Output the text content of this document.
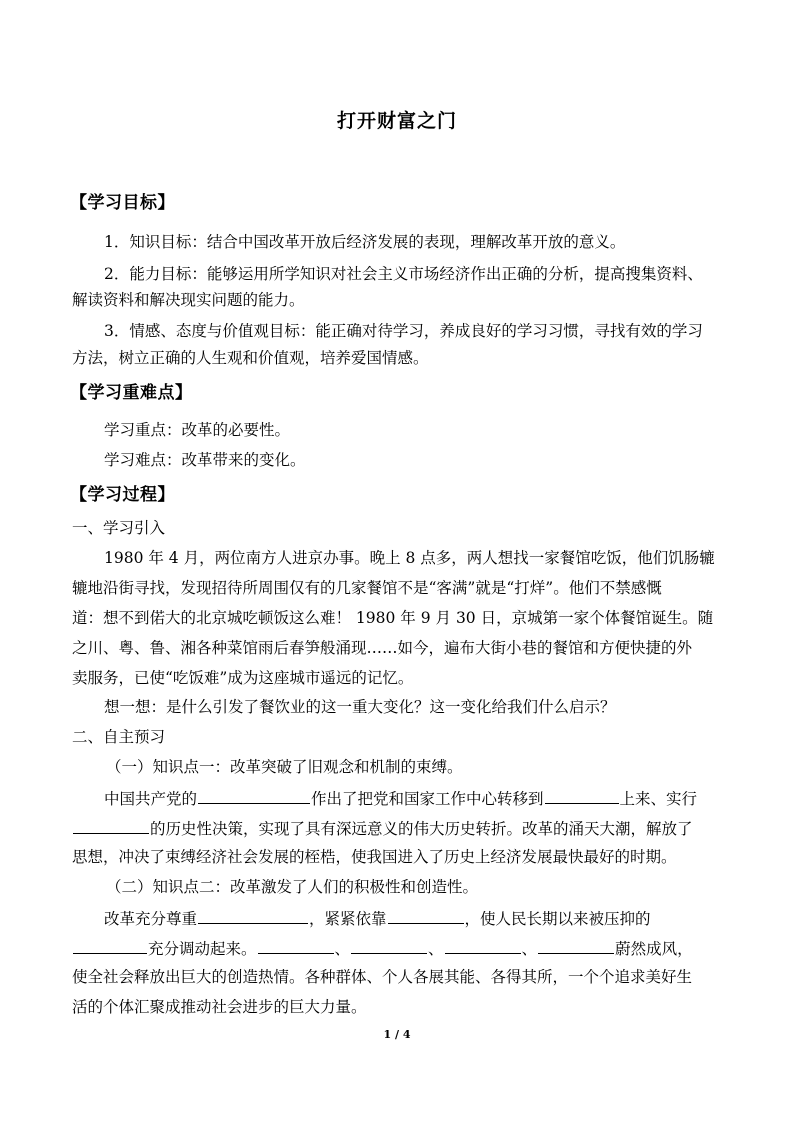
打开财富之门
【学习目标】
1．知识目标：结合中国改革开放后经济发展的表现，理解改革开放的意义。
2．能力目标：能够运用所学知识对社会主义市场经济作出正确的分析，提高搜集资料、
解读资料和解决现实问题的能力。
3．情感、态度与价值观目标：能正确对待学习，养成良好的学习习惯，寻找有效的学习
方法，树立正确的人生观和价值观，培养爱国情感。
【学习重难点】
学习重点：改革的必要性。
学习难点：改革带来的变化。
【学习过程】
一、学习引入
1980 年 4 月，两位南方人进京办事。晚上 8 点多，两人想找一家餐馆吃饭，他们饥肠辘
辘地沿街寻找，发现招待所周围仅有的几家餐馆不是“客满”就是“打烊”。他们不禁感慨
道：想不到偌大的北京城吃顿饭这么难！ 1980 年 9 月 30 日，京城第一家个体餐馆诞生。随
之川、粤、鲁、湘各种菜馆雨后春笋般涌现……如今，遍布大街小巷的餐馆和方便快捷的外
卖服务，已使“吃饭难”成为这座城市遥远的记忆。
想一想：是什么引发了餐饮业的这一重大变化？这一变化给我们什么启示？
二、自主预习
（一）知识点一：改革突破了旧观念和机制的束缚。
中国共产党的	作出了把党和国家工作中心转移到	上来、实行
的历史性决策，实现了具有深远意义的伟大历史转折。改革的涌天大潮，解放了
思想，冲决了束缚经济社会发展的桎梏，使我国进入了历史上经济发展最快最好的时期。
（二）知识点二：改革激发了人们的积极性和创造性。
改革充分尊重	，紧紧依靠	，使人民长期以来被压抑的
充分调动起来。	、	、	、	蔚然成风，
使全社会释放出巨大的创造热情。各种群体、个人各展其能、各得其所，一个个追求美好生
活的个体汇聚成推动社会进步的巨大力量。
1 / 4
